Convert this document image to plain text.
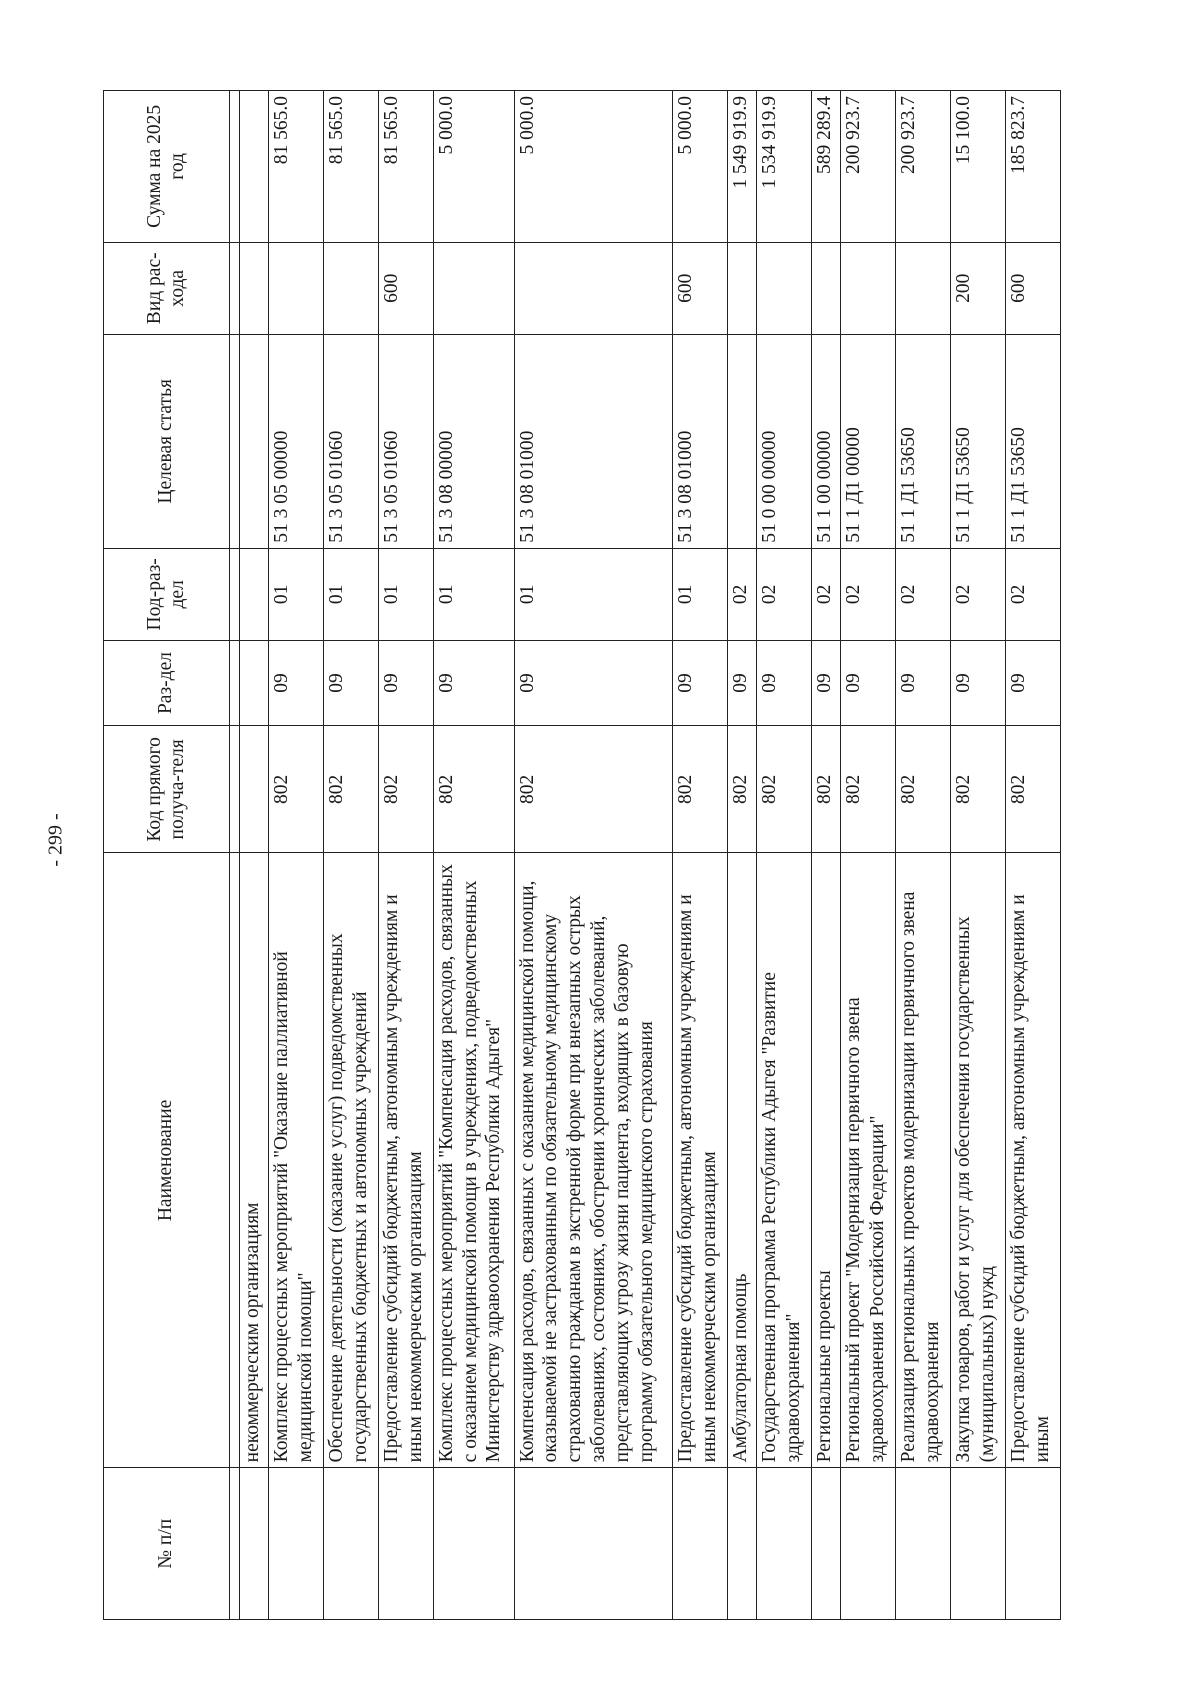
- 299 -
№ п/п	Наименование	Код прямого получа-теля	Раз-дел	Под-раз-дел	Целевая статья	Вид рас-хода	Сумма на 2025 год

	некоммерческим организациям						
	Комплекс процессных мероприятий "Оказание паллиативной медицинской помощи"	802	09	01	51 3 05 00000		81 565.0
	Обеспечение деятельности (оказание услуг) подведомственных государственных бюджетных и автономных учреждений	802	09	01	51 3 05 01060		81 565.0
	Предоставление субсидий бюджетным, автономным учреждениям и иным некоммерческим организациям	802	09	01	51 3 05 01060	600	81 565.0
	Комплекс процессных мероприятий "Компенсация расходов, связанных с оказанием медицинской помощи в учреждениях, подведомственных Министерству здравоохранения Республики Адыгея"	802	09	01	51 3 08 00000		5 000.0
	Компенсация расходов, связанных с оказанием медицинской помощи, оказываемой не застрахованным по обязательному медицинскому страхованию гражданам в экстренной форме при внезапных острых заболеваниях, состояниях, обострении хронических заболеваний, представляющих угрозу жизни пациента, входящих в базовую программу обязательного медицинского страхования	802	09	01	51 3 08 01000		5 000.0
	Предоставление субсидий бюджетным, автономным учреждениям и иным некоммерческим организациям	802	09	01	51 3 08 01000	600	5 000.0
	Амбулаторная помощь	802	09	02			1 549 919.9
	Государственная программа Республики Адыгея "Развитие здравоохранения"	802	09	02	51 0 00 00000		1 534 919.9
	Региональные проекты	802	09	02	51 1 00 00000		589 289.4
	Региональный проект "Модернизация первичного звена здравоохранения Российской Федерации"	802	09	02	51 1 Д1 00000		200 923.7
	Реализация региональных проектов модернизации первичного звена здравоохранения	802	09	02	51 1 Д1 53650		200 923.7
	Закупка товаров, работ и услуг для обеспечения государственных (муниципальных) нужд	802	09	02	51 1 Д1 53650	200	15 100.0
	Предоставление субсидий бюджетным, автономным учреждениям и иным	802	09	02	51 1 Д1 53650	600	185 823.7
